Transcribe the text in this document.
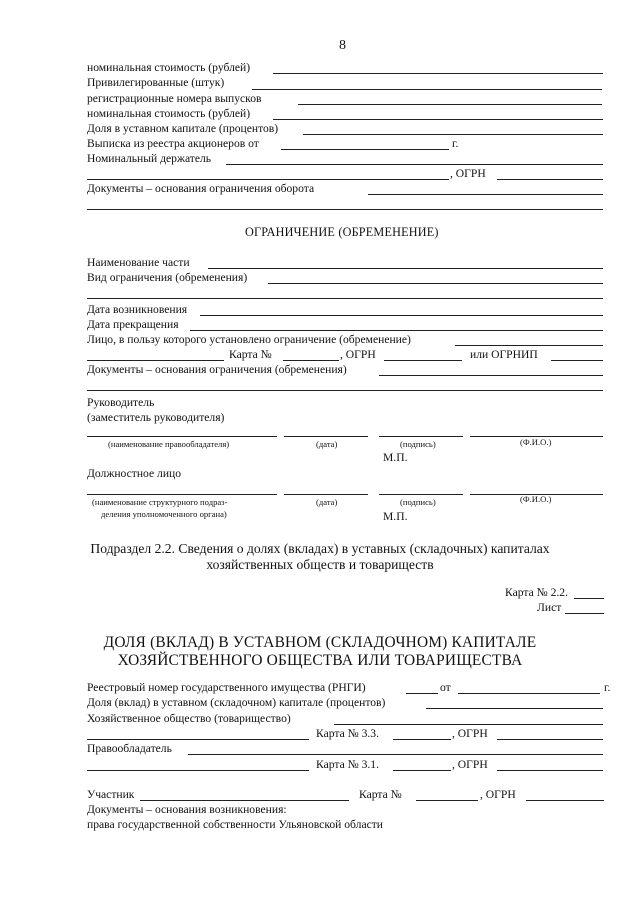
8
номинальная стоимость (рублей)
Привилегированные (штук)
регистрационные номера выпусков
номинальная стоимость (рублей)
Доля в уставном капитале (процентов)
Выписка из реестра акционеров от	г.
Номинальный держатель
, ОГРН
Документы – основания ограничения оборота
ОГРАНИЧЕНИЕ (ОБРЕМЕНЕНИЕ)
Наименование части
Вид ограничения (обременения)
Дата возникновения
Дата прекращения
Лицо, в пользу которого установлено ограничение (обременение)
Карта №	, ОГРН	или ОГРНИП
Документы – основания ограничения (обременения)
Руководитель
(заместитель руководителя)
(наименование правообладателя)	(дата)	(подпись)	(Ф.И.О.)
М.П.
Должностное лицо
(наименование структурного подраз-
деления уполномоченного органа)
(дата)	(подпись)	(Ф.И.О.)
М.П.
Подраздел 2.2. Сведения о долях (вкладах) в уставных (складочных) капиталах
хозяйственных обществ и товариществ
Карта № 2.2.
Лист
ДОЛЯ (ВКЛАД) В УСТАВНОМ (СКЛАДОЧНОМ) КАПИТАЛЕ
ХОЗЯЙСТВЕННОГО ОБЩЕСТВА ИЛИ ТОВАРИЩЕСТВА
Реестровый номер государственного имущества (РНГИ)	от	г.
Доля (вклад) в уставном (складочном) капитале (процентов)
Хозяйственное общество (товарищество)
Карта № 3.3.	, ОГРН
Правообладатель
Карта № 3.1.	, ОГРН
Участник	Карта №	, ОГРН
Документы – основания возникновения:
права государственной собственности Ульяновской области
